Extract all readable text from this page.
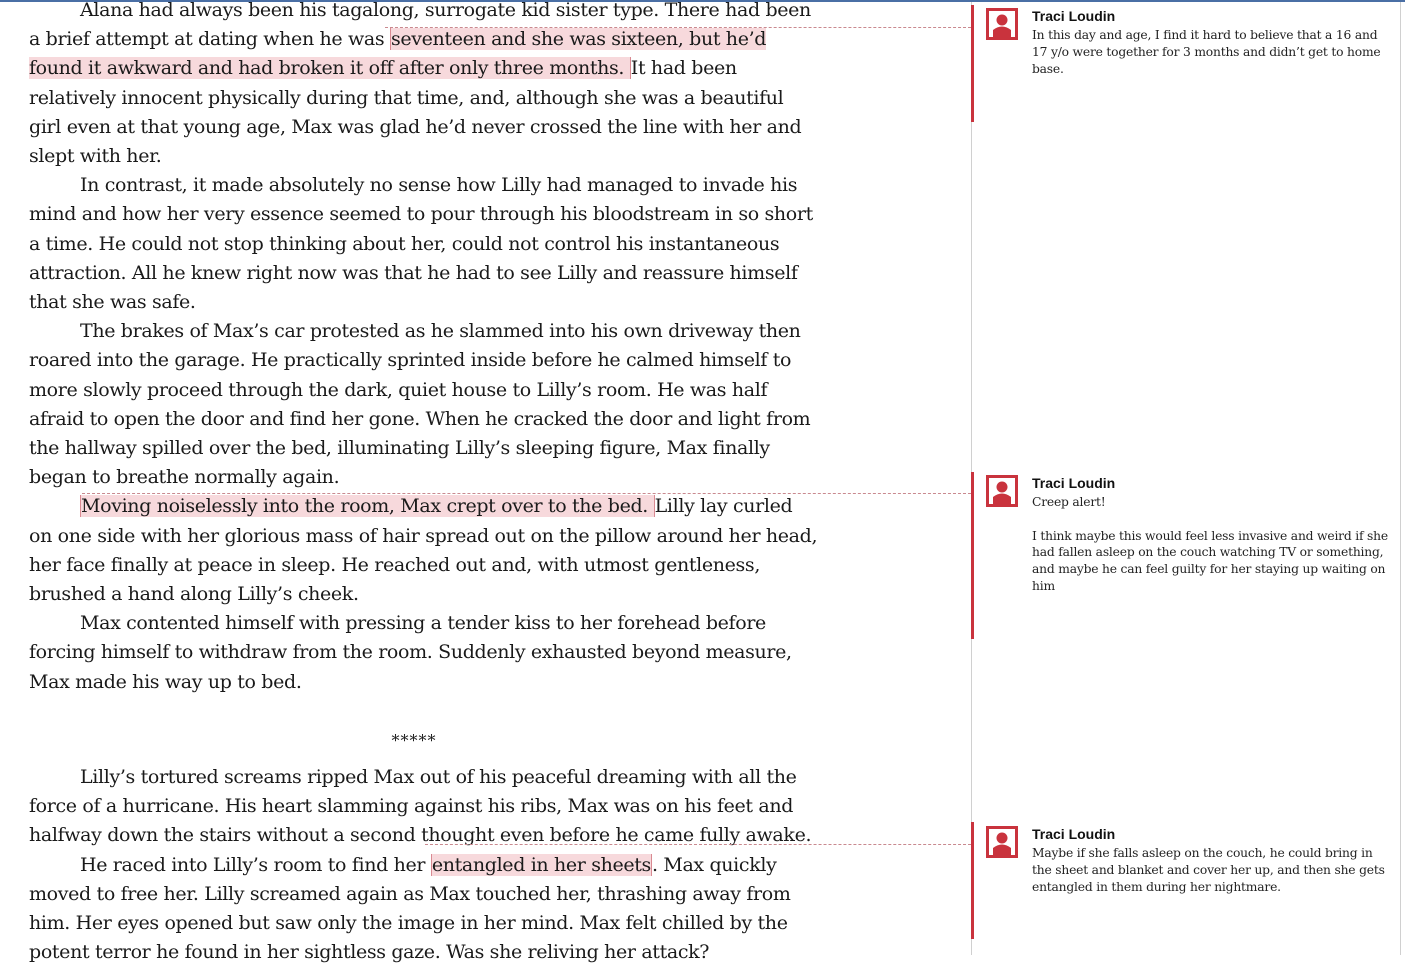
Alana had always been his tagalong, surrogate kid sister type. There had been a brief attempt at dating when he was seventeen and she was sixteen, but he’d found it awkward and had broken it off after only three months. It had been relatively innocent physically during that time, and, although she was a beautiful girl even at that young age, Max was glad he’d never crossed the line with her and slept with her.

In contrast, it made absolutely no sense how Lilly had managed to invade his mind and how her very essence seemed to pour through his bloodstream in so short a time. He could not stop thinking about her, could not control his instantaneous attraction. All he knew right now was that he had to see Lilly and reassure himself that she was safe.

The brakes of Max’s car protested as he slammed into his own driveway then roared into the garage. He practically sprinted inside before he calmed himself to more slowly proceed through the dark, quiet house to Lilly’s room. He was half afraid to open the door and find her gone. When he cracked the door and light from the hallway spilled over the bed, illuminating Lilly’s sleeping figure, Max finally began to breathe normally again.

Moving noiselessly into the room, Max crept over to the bed. Lilly lay curled on one side with her glorious mass of hair spread out on the pillow around her head, her face finally at peace in sleep. He reached out and, with utmost gentleness, brushed a hand along Lilly’s cheek.

Max contented himself with pressing a tender kiss to her forehead before forcing himself to withdraw from the room. Suddenly exhausted beyond measure, Max made his way up to bed.

*****

Lilly’s tortured screams ripped Max out of his peaceful dreaming with all the force of a hurricane. His heart slamming against his ribs, Max was on his feet and halfway down the stairs without a second thought even before he came fully awake.

He raced into Lilly’s room to find her entangled in her sheets. Max quickly moved to free her. Lilly screamed again as Max touched her, thrashing away from him. Her eyes opened but saw only the image in her mind. Max felt chilled by the potent terror he found in her sightless gaze. Was she reliving her attack?

Traci Loudin

In this day and age, I find it hard to believe that a 16 and 17 y/o were together for 3 months and didn’t get to home base.

Traci Loudin

Creep alert!

I think maybe this would feel less invasive and weird if she had fallen asleep on the couch watching TV or something, and maybe he can feel guilty for her staying up waiting on him

Traci Loudin

Maybe if she falls asleep on the couch, he could bring in the sheet and blanket and cover her up, and then she gets entangled in them during her nightmare.
